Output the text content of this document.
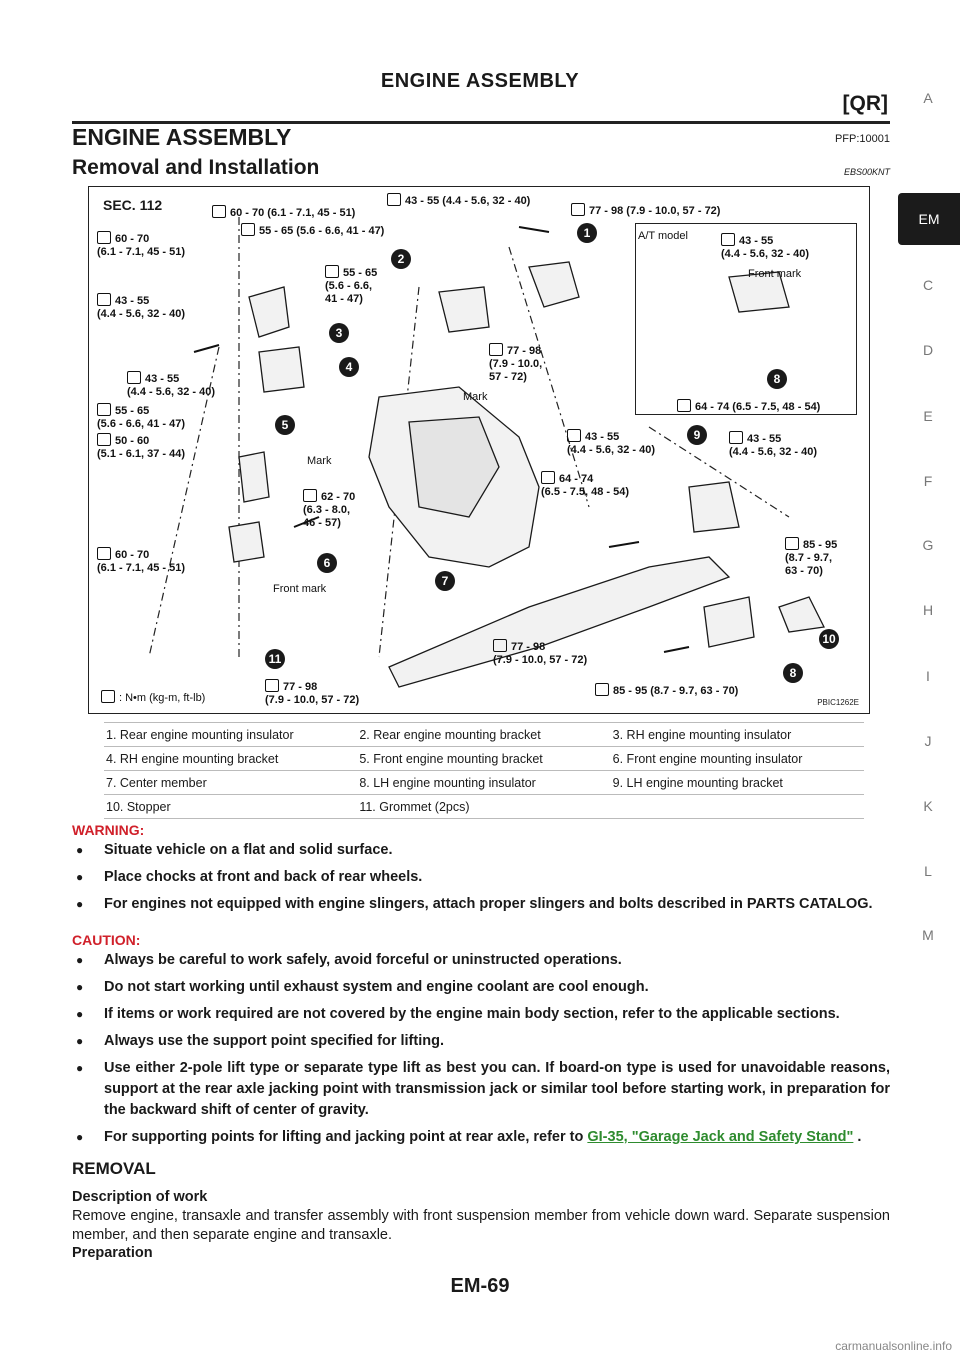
ENGINE ASSEMBLY
[QR]
ENGINE ASSEMBLY	PFP:10001
Removal and Installation	EBS00KNT
A
EM
C
D
E
F
G
H
I
J
K
L
M
SEC. 112
A/T model
Front mark
60 - 70 (6.1 - 7.1, 45 - 51)
43 - 55 (4.4 - 5.6, 32 - 40)
77 - 98 (7.9 - 10.0, 57 - 72)
60 - 70
(6.1 - 7.1, 45 - 51)
55 - 65 (5.6 - 6.6, 41 - 47)
55 - 65
(5.6 - 6.6,
41 - 47)
43 - 55
(4.4 - 5.6, 32 - 40)
43 - 55
(4.4 - 5.6, 32 - 40)
77 - 98
(7.9 - 10.0,
57 - 72)
43 - 55
(4.4 - 5.6, 32 - 40)
55 - 65
(5.6 - 6.6, 41 - 47)
50 - 60
(5.1 - 6.1, 37 - 44)
62 - 70
(6.3 - 8.0,
46 - 57)
60 - 70
(6.1 - 7.1, 45 - 51)
43 - 55
(4.4 - 5.6, 32 - 40)
64 - 74 (6.5 - 7.5, 48 - 54)
43 - 55
(4.4 - 5.6, 32 - 40)
64 - 74
(6.5 - 7.5, 48 - 54)
85 - 95
(8.7 - 9.7,
63 - 70)
77 - 98
(7.9 - 10.0, 57 - 72)
77 - 98
(7.9 - 10.0, 57 - 72)
85 - 95 (8.7 - 9.7, 63 - 70)
Mark
Mark
Front mark
1
2
3
4
5
6
7
8
8
9
10
11
: N•m (kg-m, ft-lb)	PBIC1262E
1. Rear engine mounting insulator	2. Rear engine mounting bracket	3. RH engine mounting insulator
4. RH engine mounting bracket	5. Front engine mounting bracket	6. Front engine mounting insulator
7. Center member	8. LH engine mounting insulator	9. LH engine mounting bracket
10. Stopper	11. Grommet (2pcs)	
WARNING:
● Situate vehicle on a flat and solid surface.
● Place chocks at front and back of rear wheels.
● For engines not equipped with engine slingers, attach proper slingers and bolts described in PARTS CATALOG.
CAUTION:
● Always be careful to work safely, avoid forceful or uninstructed operations.
● Do not start working until exhaust system and engine coolant are cool enough.
● If items or work required are not covered by the engine main body section, refer to the applicable sections.
● Always use the support point specified for lifting.
● Use either 2-pole lift type or separate type lift as best you can. If board-on type is used for unavoidable reasons, support at the rear axle jacking point with transmission jack or similar tool before starting work, in preparation for the backward shift of center of gravity.
● For supporting points for lifting and jacking point at rear axle, refer to GI-35, "Garage Jack and Safety Stand" .
REMOVAL
Description of work
Remove engine, transaxle and transfer assembly with front suspension member from vehicle down ward. Separate suspension member, and then separate engine and transaxle.
Preparation
EM-69
carmanualsonline.info
